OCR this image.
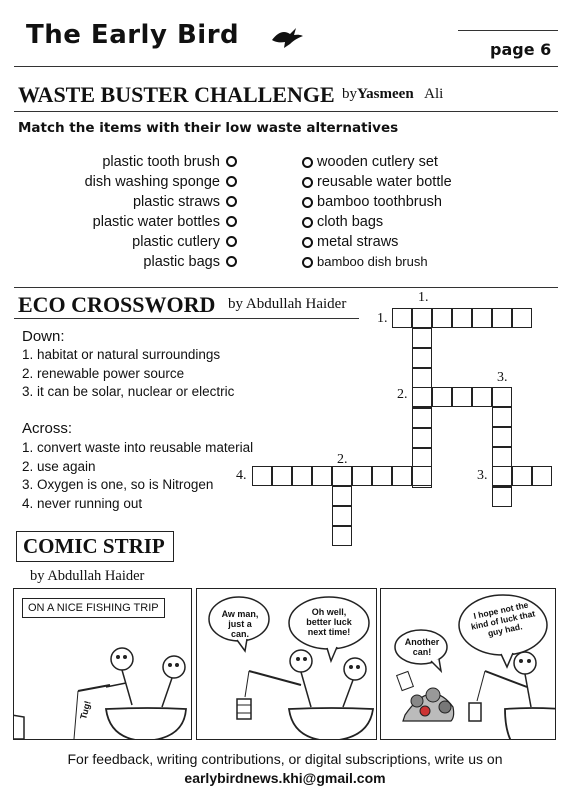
The Early Bird	page 6
WASTE BUSTER CHALLENGE byYasmeen Ali
Match the items with their low waste alternatives
plastic tooth brush
dish washing sponge
plastic straws
plastic water bottles
plastic cutlery
plastic bags
wooden cutlery set
reusable water bottle
bamboo toothbrush
cloth bags
metal straws
bamboo dish brush
ECO CROSSWORD by Abdullah Haider
Down:
1. habitat or natural surroundings
2. renewable power source
3. it can be solar, nuclear or electric
Across:
1. convert waste into reusable material
2. use again
3. Oxygen is one, so is Nitrogen
4. never running out
1.
1.
3.
2.
2.
4.	3.
COMIC STRIP
by Abdullah Haider
ON A NICE FISHING TRIP
Tug!
Aw man, just a can.
Oh well, better luck next time!
Another can!
I hope not the kind of luck that guy had.
For feedback, writing contributions, or digital subscriptions, write us on
earlybirdnews.khi@gmail.com
